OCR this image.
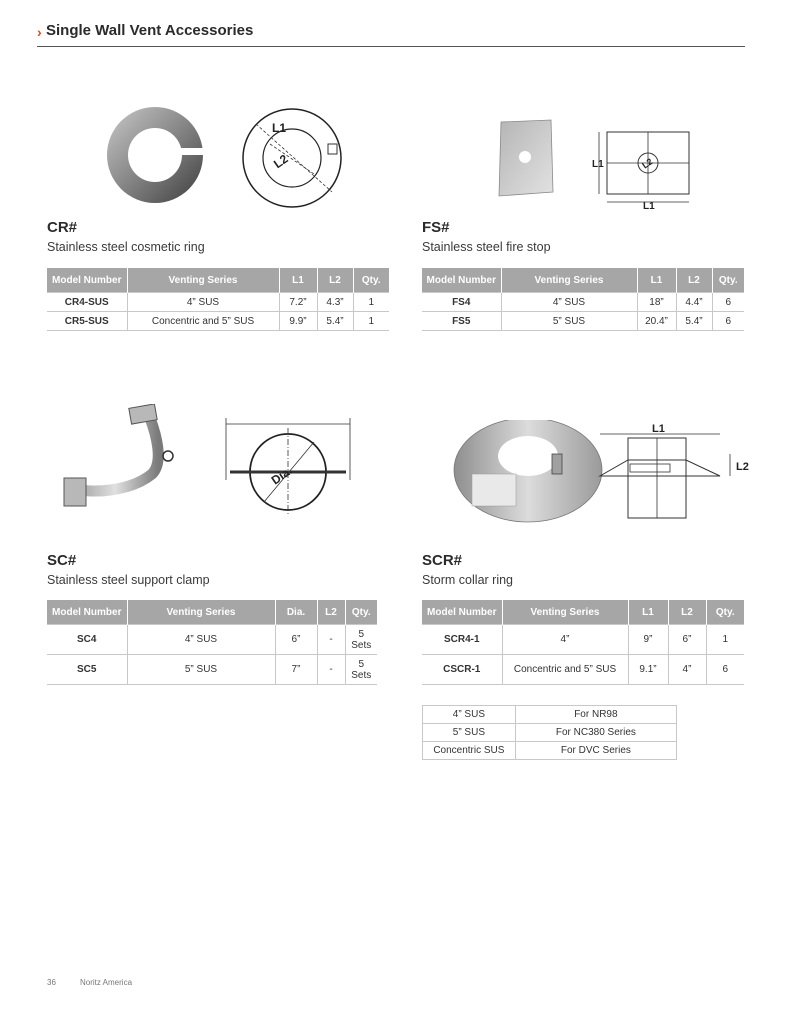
› Single Wall Vent Accessories
L1
L2
CR#
Stainless steel cosmetic ring
Model Number	Venting Series	L1	L2	Qty.
CR4-SUS	4” SUS	7.2”	4.3”	1
CR5-SUS	Concentric and 5” SUS	9.9”	5.4”	1
L1	L2
L1
FS#
Stainless steel fire stop
Model Number	Venting Series	L1	L2	Qty.
FS4	4” SUS	18”	4.4”	6
FS5	5” SUS	20.4”	5.4”	6
Dia.
SC#
Stainless steel support clamp
Model Number	Venting Series	Dia.	L2	Qty.
SC4	4” SUS	6”	-	5 Sets
SC5	5” SUS	7”	-	5 Sets
L1
L2
SCR#
Storm collar ring
Model Number	Venting Series	L1	L2	Qty.
SCR4-1	4”	9”	6”	1
CSCR-1	Concentric and 5” SUS	9.1”	4”	6
4” SUS	For NR98
5” SUS	For NC380 Series
Concentric SUS	For DVC Series
36	Noritz America
